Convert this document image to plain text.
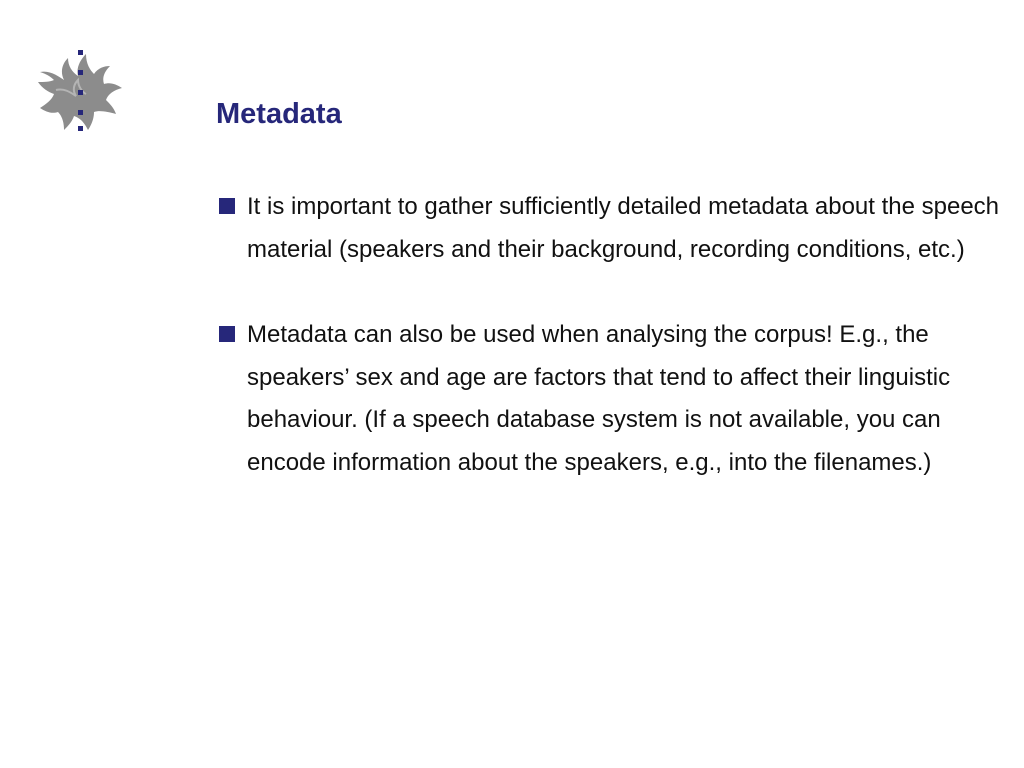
Metadata
It is important to gather sufficiently detailed metadata about the speech material (speakers and their background, recording conditions, etc.)
Metadata can also be used when analysing the corpus! E.g., the speakers’ sex and age are factors that tend to affect their linguistic behaviour. (If a speech database system is not available, you can encode information about the speakers, e.g., into the filenames.)
